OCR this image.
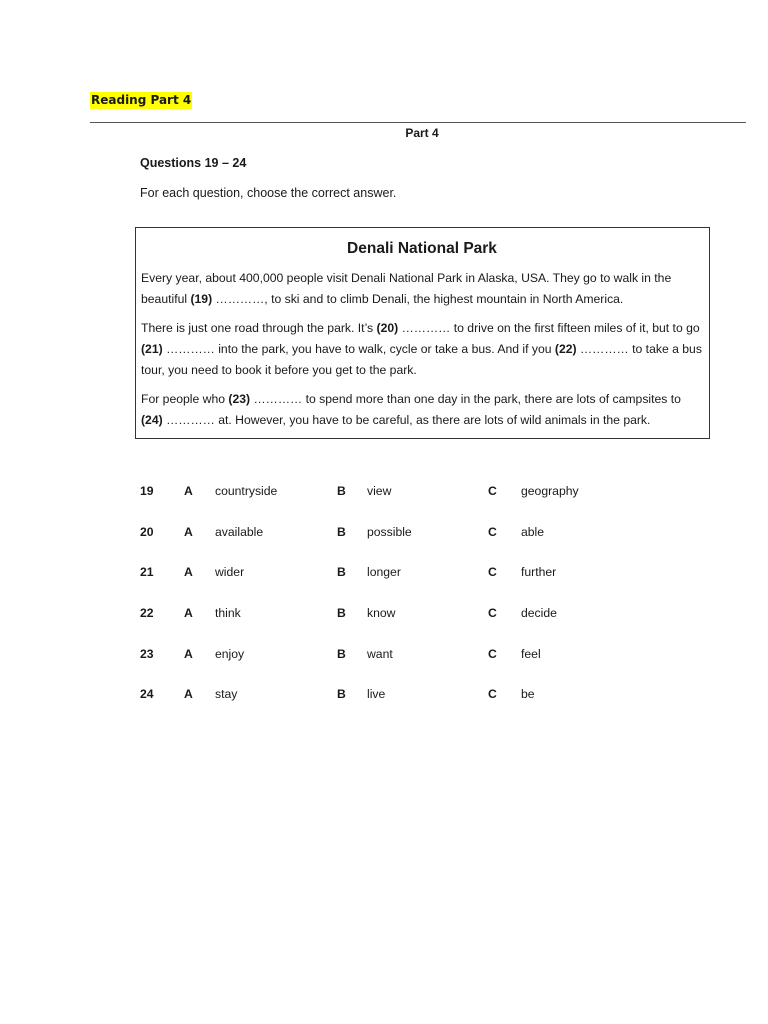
Reading Part 4
Part 4
Questions 19 – 24
For each question, choose the correct answer.
Denali National Park

Every year, about 400,000 people visit Denali National Park in Alaska, USA. They go to walk in the beautiful (19) …………, to ski and to climb Denali, the highest mountain in North America.

There is just one road through the park. It’s (20) ………… to drive on the first fifteen miles of it, but to go (21) ………… into the park, you have to walk, cycle or take a bus. And if you (22) ………… to take a bus tour, you need to book it before you get to the park.

For people who (23) ………… to spend more than one day in the park, there are lots of campsites to (24) ………… at. However, you have to be careful, as there are lots of wild animals in the park.

19 A countryside	B view	C geography
20 A available	B possible	C able
21 A wider	B longer	C further
22 A think	B know	C decide
23 A enjoy	B want	C feel
24 A stay	B live	C be
